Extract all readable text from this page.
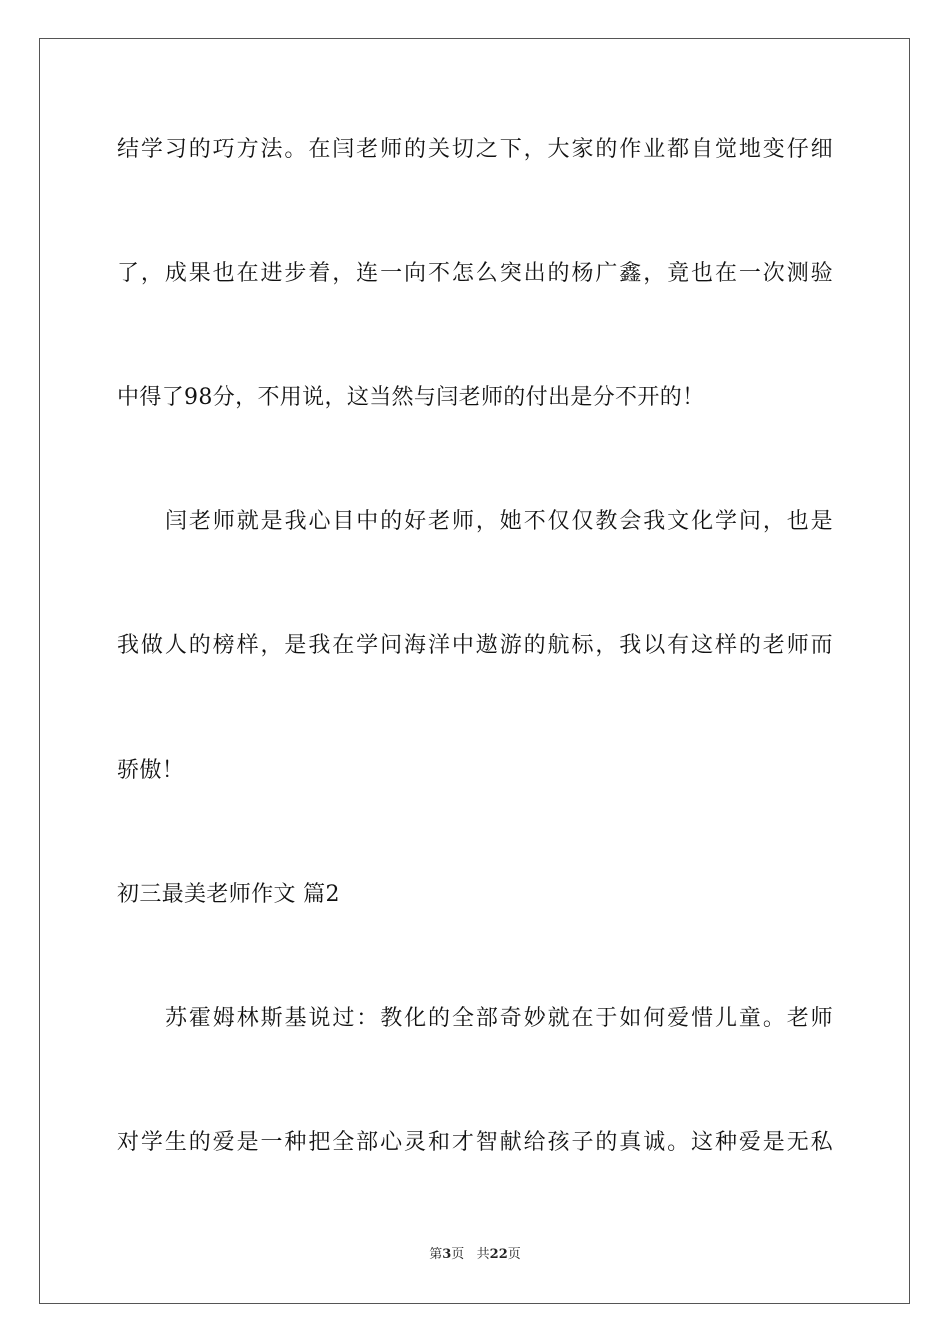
结学习的巧方法。在闫老师的关切之下，大家的作业都自觉地变仔细
了，成果也在进步着，连一向不怎么突出的杨广鑫，竟也在一次测验
中得了98分，不用说，这当然与闫老师的付出是分不开的！
闫老师就是我心目中的好老师，她不仅仅教会我文化学问，也是
我做人的榜样，是我在学问海洋中遨游的航标，我以有这样的老师而
骄傲！
初三最美老师作文 篇2
苏霍姆林斯基说过：教化的全部奇妙就在于如何爱惜儿童。老师
对学生的爱是一种把全部心灵和才智献给孩子的真诚。这种爱是无私
第3页   共22页
